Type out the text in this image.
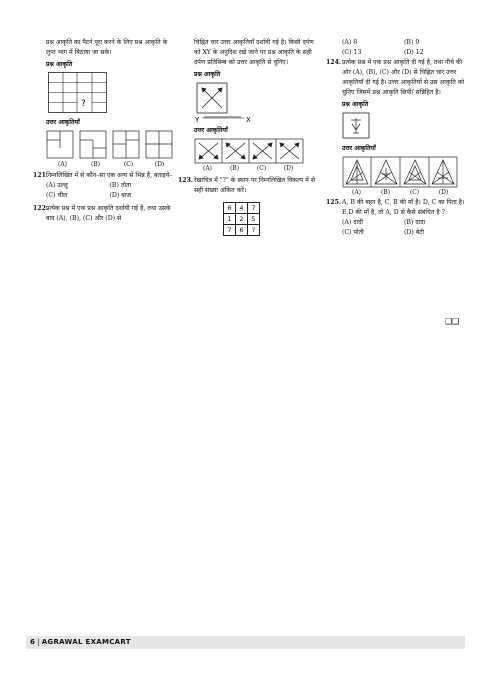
प्रश्न आकृति का पैटर्न पूरा करने के लिए प्रश्न आकृति के लुप्त भाग में बिठाया जा सके।

प्रश्न आकृति

?

उत्तर आकृतियाँ

(A)	(B)	(C)	(D)
121.

निम्नलिखित में से कौन–सा एक अन्य से भिन्न है, बताइये–

(A) उल्लू	(B) तोता
(C) चील	(D) बाज
122.

प्रत्येक प्रश्न में एक प्रश्न आकृति दर्शायी गई है, तथा उसके बाद (A), (B), (C) और (D) से

चिह्नित चार उत्तर आकृतियाँ दर्शायी गई है। किसी दर्पण को XY के अनुदिश रखे जाने पर प्रश्न आकृति के सही दर्पण प्रतिबिम्ब को उत्तर आकृति से चुनिए।

प्रश्न आकृति

Y	X

उत्तर आकृतियाँ

(A)	(B)	(C)	(D)
123. रेखाचित्र में "?" के स्थान पर निम्नलिखित विकल्प में से सही संख्या अंकित करें।

6	4	7
1	2	5
7	6	?
(A) 8	(B) 9
(C) 13	(D) 12
124. प्रत्येक प्रश्न में एक प्रश्न आकृति दी गई है, तथा नीचे की ओर (A), (B), (C) और (D) से चिह्नित चार उत्तर आकृतियाँ दी गई है। उत्तर आकृतियों से उस आकृति को चुनिए जिसमें प्रश्न आकृति छिपी/ सन्निहित है।

प्रश्न आकृति

उत्तर आकृतियाँ

(A)	(B)	(C)	(D)
125. A, B की बहन है, C, B की माँ है। D, C का पिता है। E,D की माँ है, तो A, D से कैसे संबंधित है ?

(A) दादी	(B) दादा
(C) पोती	(D) बेटी
❑❑
6 | AGRAWAL EXAMCART
